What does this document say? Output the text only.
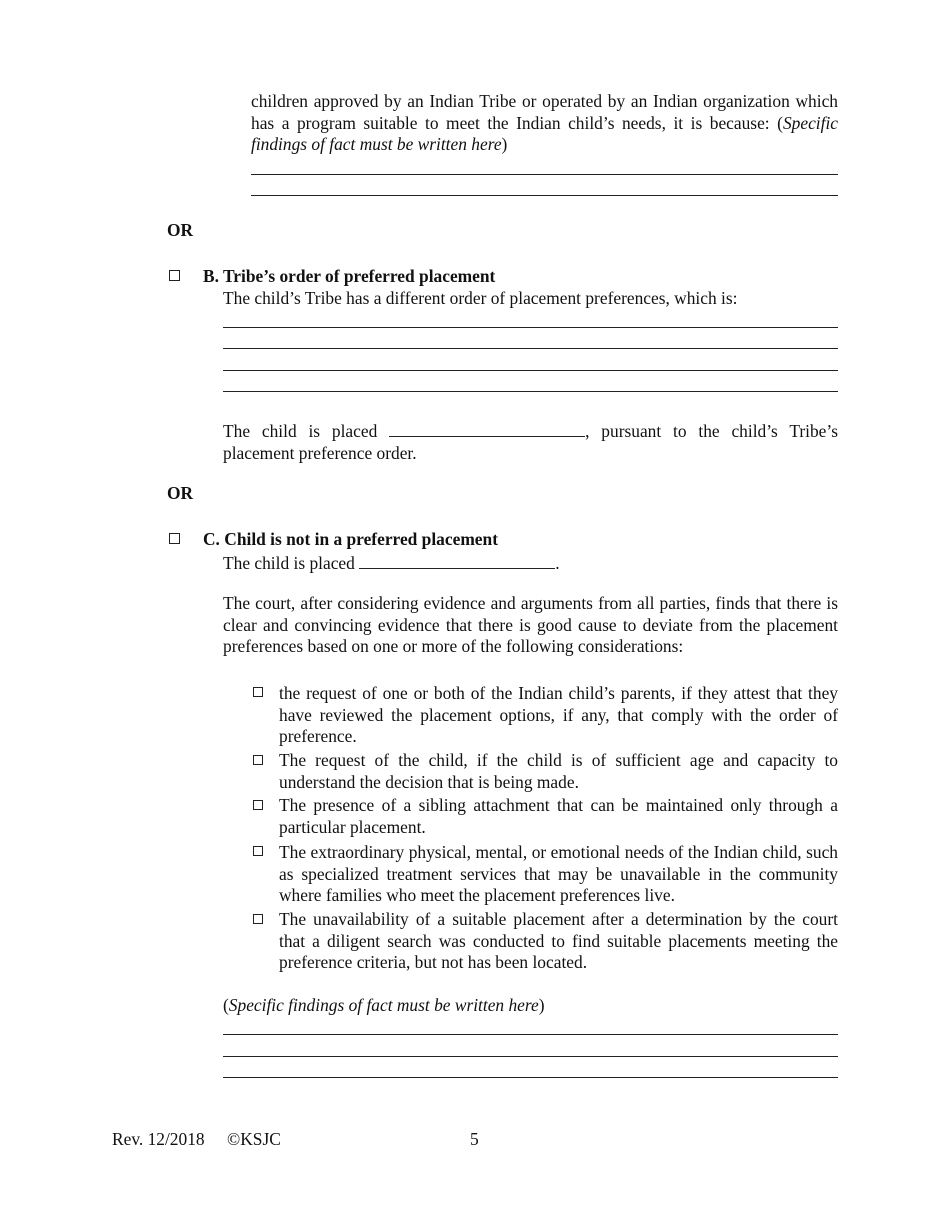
children approved by an Indian Tribe or operated by an Indian organization which has a program suitable to meet the Indian child’s needs, it is because: (Specific findings of fact must be written here)
OR
B. Tribe’s order of preferred placement
The child’s Tribe has a different order of placement preferences, which is:
The child is placed	, pursuant to the child’s Tribe’s placement preference order.
OR
C. Child is not in a preferred placement
The child is placed	.
The court, after considering evidence and arguments from all parties, finds that there is clear and convincing evidence that there is good cause to deviate from the placement preferences based on one or more of the following considerations:
the request of one or both of the Indian child’s parents, if they attest that they have reviewed the placement options, if any, that comply with the order of preference.
The request of the child, if the child is of sufficient age and capacity to understand the decision that is being made.
The presence of a sibling attachment that can be maintained only through a particular placement.
The extraordinary physical, mental, or emotional needs of the Indian child, such as specialized treatment services that may be unavailable in the community where families who meet the placement preferences live.
The unavailability of a suitable placement after a determination by the court that a diligent search was conducted to find suitable placements meeting the preference criteria, but not has been located.
(Specific findings of fact must be written here)
Rev. 12/2018 ©KSJC	5
